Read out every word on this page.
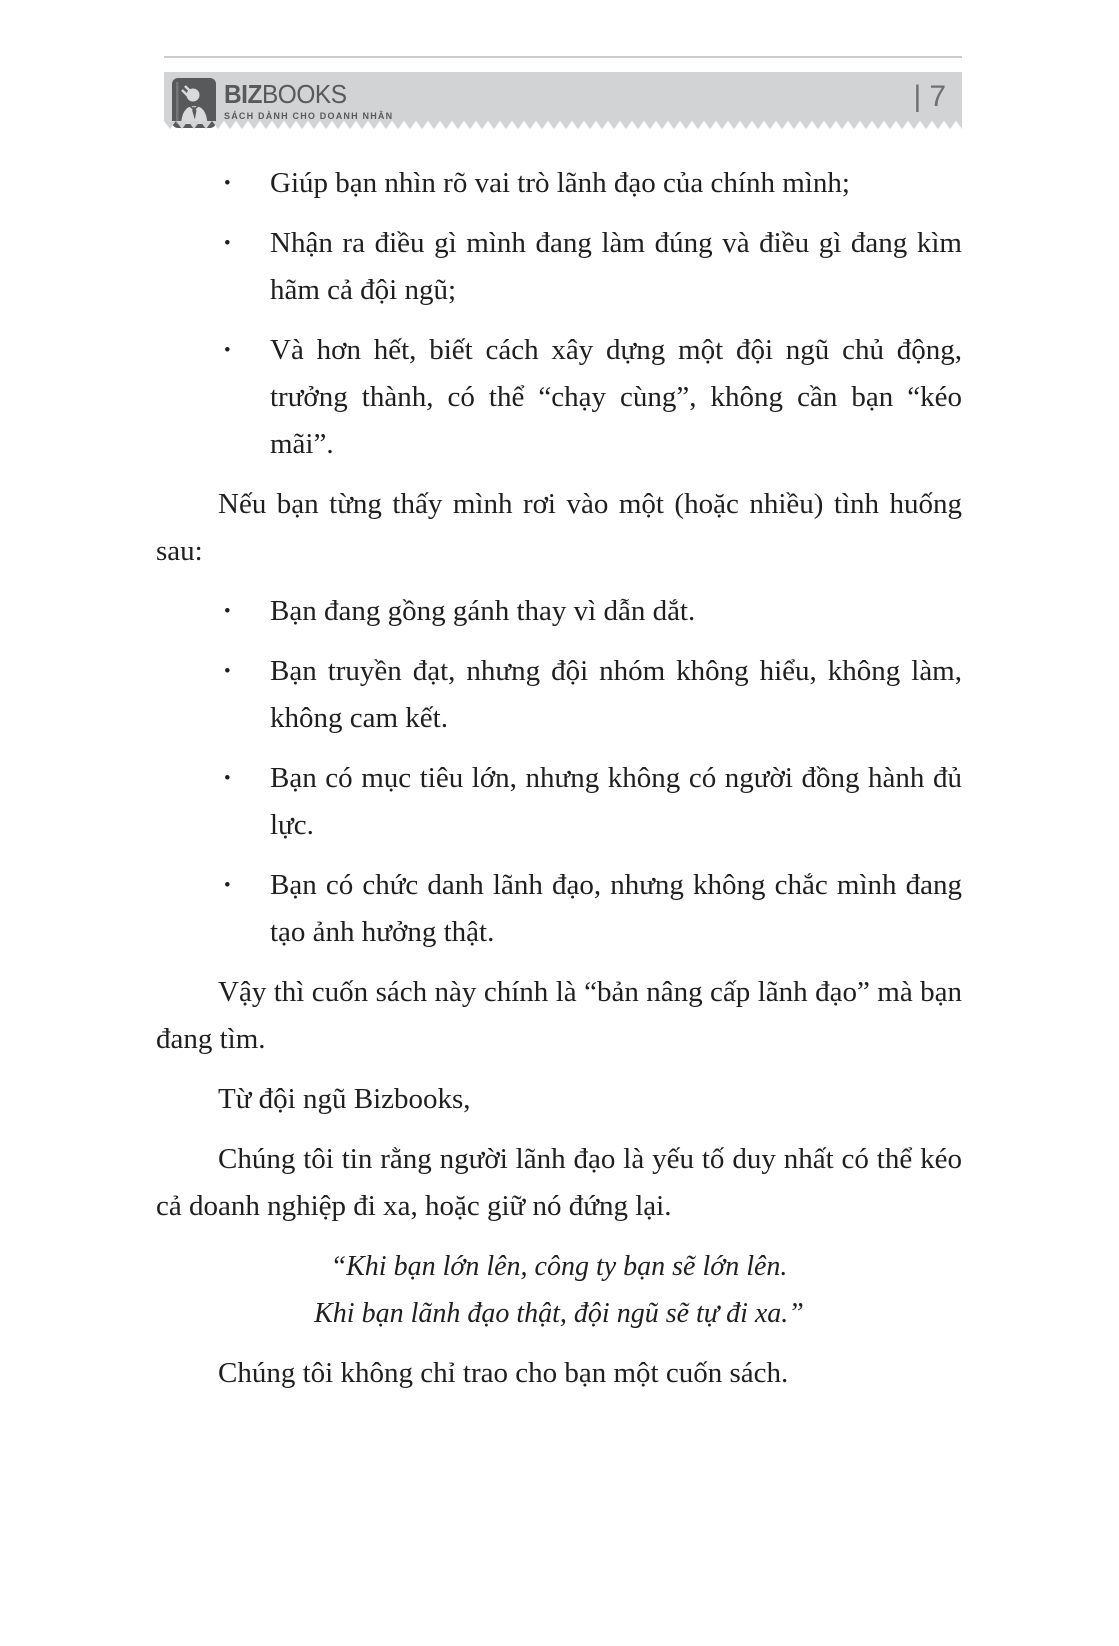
BIZBOOKS
SÁCH DÀNH CHO DOANH NHÂN
| 7
•	Giúp bạn nhìn rõ vai trò lãnh đạo của chính mình;
•	Nhận ra điều gì mình đang làm đúng và điều gì đang kìm hãm cả đội ngũ;
•	Và hơn hết, biết cách xây dựng một đội ngũ chủ động, trưởng thành, có thể “chạy cùng”, không cần bạn “kéo mãi”.

Nếu bạn từng thấy mình rơi vào một (hoặc nhiều) tình huống sau:

•	Bạn đang gồng gánh thay vì dẫn dắt.
•	Bạn truyền đạt, nhưng đội nhóm không hiểu, không làm, không cam kết.
•	Bạn có mục tiêu lớn, nhưng không có người đồng hành đủ lực.
•	Bạn có chức danh lãnh đạo, nhưng không chắc mình đang tạo ảnh hưởng thật.

Vậy thì cuốn sách này chính là “bản nâng cấp lãnh đạo” mà bạn đang tìm.

Từ đội ngũ Bizbooks,

Chúng tôi tin rằng người lãnh đạo là yếu tố duy nhất có thể kéo cả doanh nghiệp đi xa, hoặc giữ nó đứng lại.

“Khi bạn lớn lên, công ty bạn sẽ lớn lên.
Khi bạn lãnh đạo thật, đội ngũ sẽ tự đi xa.”

Chúng tôi không chỉ trao cho bạn một cuốn sách.
